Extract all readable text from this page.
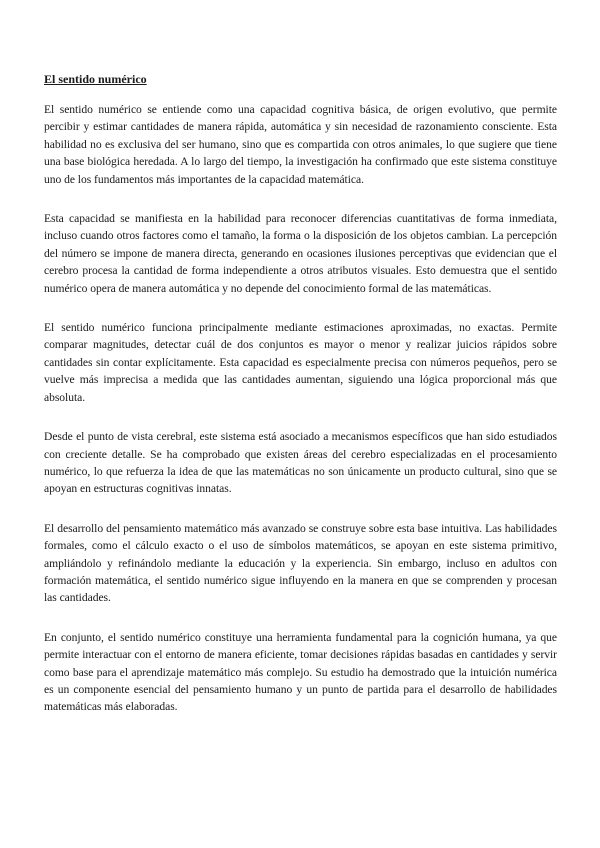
El sentido numérico

El sentido numérico se entiende como una capacidad cognitiva básica, de origen evolutivo, que permite percibir y estimar cantidades de manera rápida, automática y sin necesidad de razonamiento consciente. Esta habilidad no es exclusiva del ser humano, sino que es compartida con otros animales, lo que sugiere que tiene una base biológica heredada. A lo largo del tiempo, la investigación ha confirmado que este sistema constituye uno de los fundamentos más importantes de la capacidad matemática.

Esta capacidad se manifiesta en la habilidad para reconocer diferencias cuantitativas de forma inmediata, incluso cuando otros factores como el tamaño, la forma o la disposición de los objetos cambian. La percepción del número se impone de manera directa, generando en ocasiones ilusiones perceptivas que evidencian que el cerebro procesa la cantidad de forma independiente a otros atributos visuales. Esto demuestra que el sentido numérico opera de manera automática y no depende del conocimiento formal de las matemáticas.

El sentido numérico funciona principalmente mediante estimaciones aproximadas, no exactas. Permite comparar magnitudes, detectar cuál de dos conjuntos es mayor o menor y realizar juicios rápidos sobre cantidades sin contar explícitamente. Esta capacidad es especialmente precisa con números pequeños, pero se vuelve más imprecisa a medida que las cantidades aumentan, siguiendo una lógica proporcional más que absoluta.

Desde el punto de vista cerebral, este sistema está asociado a mecanismos específicos que han sido estudiados con creciente detalle. Se ha comprobado que existen áreas del cerebro especializadas en el procesamiento numérico, lo que refuerza la idea de que las matemáticas no son únicamente un producto cultural, sino que se apoyan en estructuras cognitivas innatas.

El desarrollo del pensamiento matemático más avanzado se construye sobre esta base intuitiva. Las habilidades formales, como el cálculo exacto o el uso de símbolos matemáticos, se apoyan en este sistema primitivo, ampliándolo y refinándolo mediante la educación y la experiencia. Sin embargo, incluso en adultos con formación matemática, el sentido numérico sigue influyendo en la manera en que se comprenden y procesan las cantidades.

En conjunto, el sentido numérico constituye una herramienta fundamental para la cognición humana, ya que permite interactuar con el entorno de manera eficiente, tomar decisiones rápidas basadas en cantidades y servir como base para el aprendizaje matemático más complejo. Su estudio ha demostrado que la intuición numérica es un componente esencial del pensamiento humano y un punto de partida para el desarrollo de habilidades matemáticas más elaboradas.
